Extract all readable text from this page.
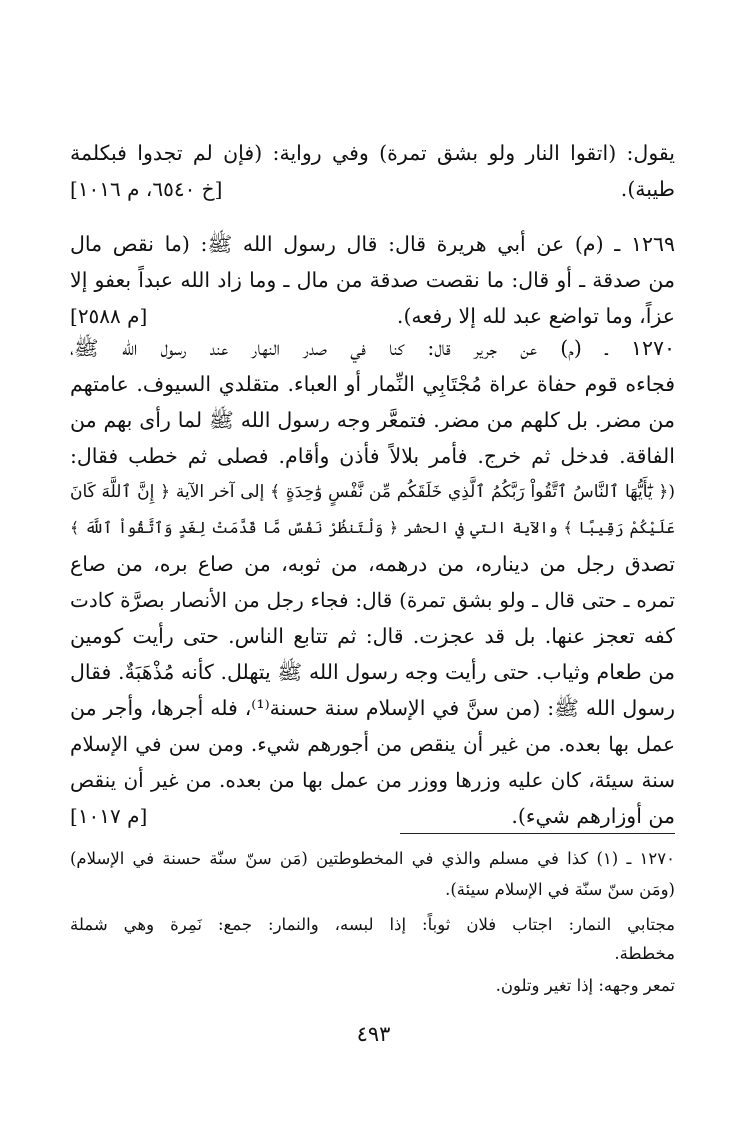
يقول: (اتقوا النار ولو بشق تمرة) وفي رواية: (فإن لم تجدوا فبكلمة
طيبة).
[خ ٦٥٤٠، م ١٠١٦]
١٢٦٩ ـ (م) عن أبي هريرة قال: قال رسول الله ﷺ: (ما نقص مال
من صدقة ـ أو قال: ما نقصت صدقة من مال ـ وما زاد الله عبداً بعفو إلا
عزاً، وما تواضع عبد لله إلا رفعه).
[م ٢٥٨٨]
١٢٧٠ ـ (م) عن جرير قال: كنا في صدر النهار عند رسول الله ﷺ،
فجاءه قوم حفاة عراة مُجْتَابِي النِّمار أو العباء. متقلدي السيوف. عامتهم
من مضر. بل كلهم من مضر. فتمعَّر وجه رسول الله ﷺ لما رأى بهم من
الفاقة. فدخل ثم خرج. فأمر بلالاً فأذن وأقام. فصلى ثم خطب فقال:
(﴿ يَٰٓأَيُّهَا ٱلنَّاسُ ٱتَّقُواْ رَبَّكُمُ ٱلَّذِي خَلَقَكُم مِّن نَّفْسٍ وَٰحِدَةٍ ﴾ إلى آخر الآية ﴿ إِنَّ ٱللَّهَ كَانَ
عَلَيْكُمْ رَقِيبًا ﴾ والآية التي في الحشر ﴿ وَلْتَنظُرْ نَفْسٌ مَّا قَدَّمَتْ لِغَدٍ وَٱتَّقُواْ ٱللَّهَ ﴾
تصدق رجل من ديناره، من درهمه، من ثوبه، من صاع بره، من صاع
تمره ـ حتى قال ـ ولو بشق تمرة) قال: فجاء رجل من الأنصار بصرَّة كادت
كفه تعجز عنها. بل قد عجزت. قال: ثم تتابع الناس. حتى رأيت كومين
من طعام وثياب. حتى رأيت وجه رسول الله ﷺ يتهلل. كأنه مُذْهَبَةٌ. فقال
رسول الله ﷺ: (من سنَّ في الإسلام سنة حسنة⁽¹⁾، فله أجرها، وأجر من
عمل بها بعده. من غير أن ينقص من أجورهم شيء. ومن سن في الإسلام
سنة سيئة، كان عليه وزرها ووزر من عمل بها من بعده. من غير أن ينقص
من أوزارهم شيء).
[م ١٠١٧]
١٢٧٠ ـ (١) كذا في مسلم والذي في المخطوطتين (مَن سنّ سنّة حسنة في الإسلام)
(ومَن سنّ سنّة في الإسلام سيئة).
مجتابي النمار: اجتاب فلان ثوباً: إذا لبسه، والنمار: جمع: نَمِرة وهي شملة
مخططة.
تمعر وجهه: إذا تغير وتلون.
٤٩٣
